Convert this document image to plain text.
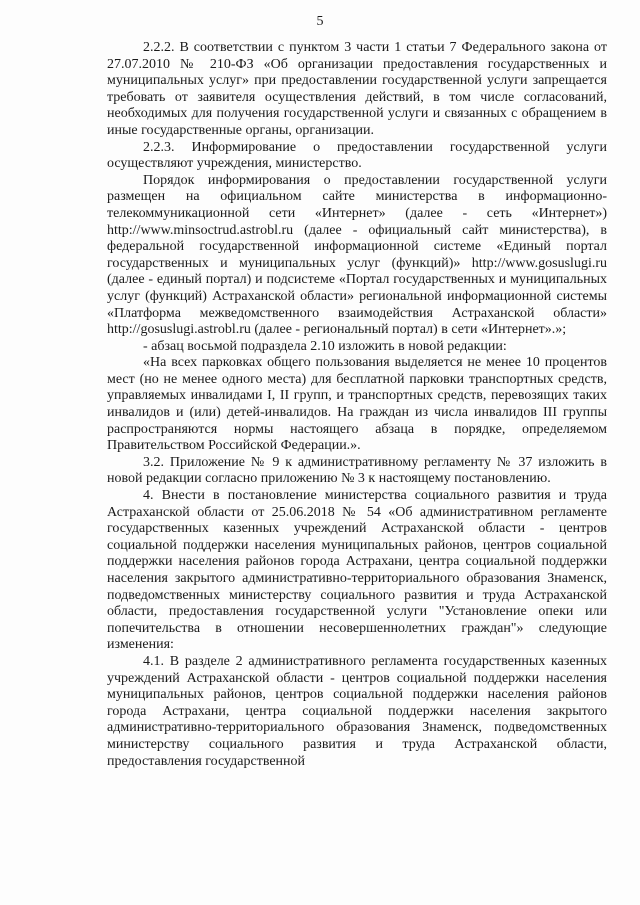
5

2.2.2. В соответствии с пунктом 3 части 1 статьи 7 Федерального закона от 27.07.2010 № 210-ФЗ «Об организации предоставления государственных и муниципальных услуг» при предоставлении государственной услуги запрещается требовать от заявителя осуществления действий, в том числе согласований, необходимых для получения государственной услуги и связанных с обращением в иные государственные органы, организации.

2.2.3. Информирование о предоставлении государственной услуги осуществляют учреждения, министерство.

Порядок информирования о предоставлении государственной услуги размещен на официальном сайте министерства в информационно-телекоммуникационной сети «Интернет» (далее - сеть «Интернет») http://www.minsoctrud.astrobl.ru (далее - официальный сайт министерства), в федеральной государственной информационной системе «Единый портал государственных и муниципальных услуг (функций)» http://www.gosuslugi.ru (далее - единый портал) и подсистеме «Портал государственных и муниципальных услуг (функций) Астраханской области» региональной информационной системы «Платформа межведомственного взаимодействия Астраханской области» http://gosuslugi.astrobl.ru (далее - региональный портал) в сети «Интернет».»;

- абзац восьмой подраздела 2.10 изложить в новой редакции:

«На всех парковках общего пользования выделяется не менее 10 процентов мест (но не менее одного места) для бесплатной парковки транспортных средств, управляемых инвалидами I, II групп, и транспортных средств, перевозящих таких инвалидов и (или) детей-инвалидов. На граждан из числа инвалидов III группы распространяются нормы настоящего абзаца в порядке, определяемом Правительством Российской Федерации.».

3.2. Приложение № 9 к административному регламенту № 37 изложить в новой редакции согласно приложению № 3 к настоящему постановлению.

4. Внести в постановление министерства социального развития и труда Астраханской области от 25.06.2018 № 54 «Об административном регламенте государственных казенных учреждений Астраханской области - центров социальной поддержки населения муниципальных районов, центров социальной поддержки населения районов города Астрахани, центра социальной поддержки населения закрытого административно-территориального образования Знаменск, подведомственных министерству социального развития и труда Астраханской области, предоставления государственной услуги "Установление опеки или попечительства в отношении несовершеннолетних граждан"» следующие изменения:

4.1. В разделе 2 административного регламента государственных казенных учреждений Астраханской области - центров социальной поддержки населения муниципальных районов, центров социальной поддержки населения районов города Астрахани, центра социальной поддержки населения закрытого административно-территориального образования Знаменск, подведомственных министерству социального развития и труда Астраханской области, предоставления государственной
